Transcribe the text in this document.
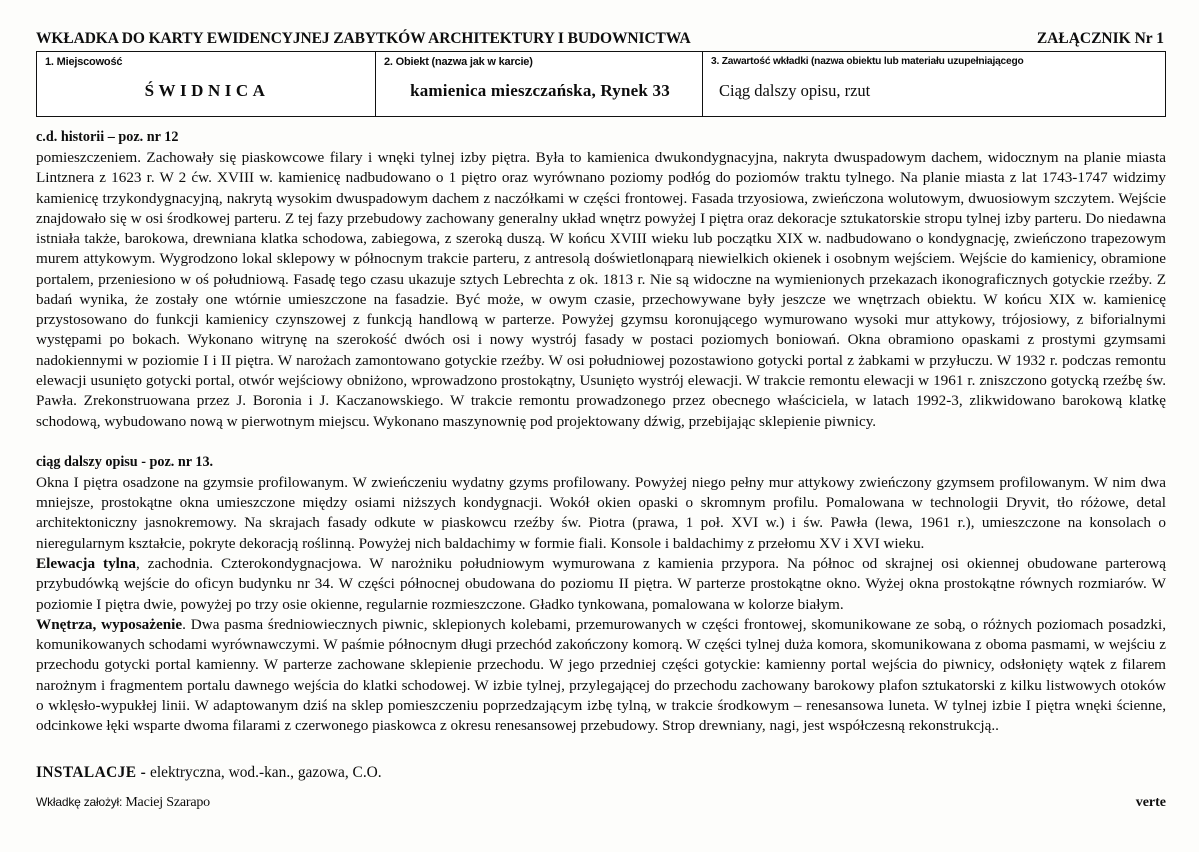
WKŁADKA DO KARTY EWIDENCYJNEJ ZABYTKÓW ARCHITEKTURY I BUDOWNICTWA	ZAŁĄCZNIK Nr 1
1. Miejscowość
ŚWIDNICA
2. Obiekt (nazwa jak w karcie)
kamienica mieszczańska, Rynek 33
3. Zawartość wkładki (nazwa obiektu lub materiału uzupełniającego
Ciąg dalszy opisu, rzut
c.d. historii – poz. nr 12

pomieszczeniem. Zachowały się piaskowcowe filary i wnęki tylnej izby piętra. Była to kamienica dwukondygnacyjna, nakryta dwuspadowym dachem, widocznym na planie miasta Lintznera z 1623 r. W 2 ćw. XVIII w. kamienicę nadbudowano o 1 piętro oraz wyrównano poziomy podłóg do poziomów traktu tylnego. Na planie miasta z lat 1743-1747 widzimy kamienicę trzykondygnacyjną, nakrytą wysokim dwuspadowym dachem z naczółkami w części frontowej. Fasada trzyosiowa, zwieńczona wolutowym, dwuosiowym szczytem. Wejście znajdowało się w osi środkowej parteru. Z tej fazy przebudowy zachowany generalny układ wnętrz powyżej I piętra oraz dekoracje sztukatorskie stropu tylnej izby parteru. Do niedawna istniała także, barokowa, drewniana klatka schodowa, zabiegowa, z szeroką duszą. W końcu XVIII wieku lub początku XIX w. nadbudowano o kondygnację, zwieńczono trapezowym murem attykowym. Wygrodzono lokal sklepowy w północnym trakcie parteru, z antresolą doświetlonąparą niewielkich okienek i osobnym wejściem. Wejście do kamienicy, obramione portalem, przeniesiono w oś południową. Fasadę tego czasu ukazuje sztych Lebrechta z ok. 1813 r. Nie są widoczne na wymienionych przekazach ikonograficznych gotyckie rzeźby. Z badań wynika, że zostały one wtórnie umieszczone na fasadzie. Być może, w owym czasie, przechowywane były jeszcze we wnętrzach obiektu. W końcu XIX w. kamienicę przystosowano do funkcji kamienicy czynszowej z funkcją handlową w parterze. Powyżej gzymsu koronującego wymurowano wysoki mur attykowy, trójosiowy, z biforialnymi występami po bokach. Wykonano witrynę na szerokość dwóch osi i nowy wystrój fasady w postaci poziomych boniowań. Okna obramiono opaskami z prostymi gzymsami nadokiennymi w poziomie I i II piętra. W narożach zamontowano gotyckie rzeźby. W osi południowej pozostawiono gotycki portal z żabkami w przyłuczu. W 1932 r. podczas remontu elewacji usunięto gotycki portal, otwór wejściowy obniżono, wprowadzono prostokątny, Usunięto wystrój elewacji. W trakcie remontu elewacji w 1961 r. zniszczono gotycką rzeźbę św. Pawła. Zrekonstruowana przez J. Boronia i J. Kaczanowskiego. W trakcie remontu prowadzonego przez obecnego właściciela, w latach 1992-3, zlikwidowano barokową klatkę schodową, wybudowano nową w pierwotnym miejscu. Wykonano maszynownię pod projektowany dźwig, przebijając sklepienie piwnicy.

ciąg dalszy opisu - poz. nr 13.

Okna I piętra osadzone na gzymsie profilowanym. W zwieńczeniu wydatny gzyms profilowany. Powyżej niego pełny mur attykowy zwieńczony gzymsem profilowanym. W nim dwa mniejsze, prostokątne okna umieszczone między osiami niższych kondygnacji. Wokół okien opaski o skromnym profilu. Pomalowana w technologii Dryvit, tło różowe, detal architektoniczny jasnokremowy. Na skrajach fasady odkute w piaskowcu rzeźby św. Piotra (prawa, 1 poł. XVI w.) i św. Pawła (lewa, 1961 r.), umieszczone na konsolach o nieregularnym kształcie, pokryte dekoracją roślinną. Powyżej nich baldachimy w formie fiali. Konsole i baldachimy z przełomu XV i XVI wieku.

Elewacja tylna, zachodnia. Czterokondygnacjowa. W narożniku południowym wymurowana z kamienia przypora. Na północ od skrajnej osi okiennej obudowane parterową przybudówką wejście do oficyn budynku nr 34. W części północnej obudowana do poziomu II piętra. W parterze prostokątne okno. Wyżej okna prostokątne równych rozmiarów. W poziomie I piętra dwie, powyżej po trzy osie okienne, regularnie rozmieszczone. Gładko tynkowana, pomalowana w kolorze białym.

Wnętrza, wyposażenie. Dwa pasma średniowiecznych piwnic, sklepionych kolebami, przemurowanych w części frontowej, skomunikowane ze sobą, o różnych poziomach posadzki, komunikowanych schodami wyrównawczymi. W paśmie północnym długi przechód zakończony komorą. W części tylnej duża komora, skomunikowana z oboma pasmami, w wejściu z przechodu gotycki portal kamienny. W parterze zachowane sklepienie przechodu. W jego przedniej części gotyckie: kamienny portal wejścia do piwnicy, odsłonięty wątek z filarem narożnym i fragmentem portalu dawnego wejścia do klatki schodowej. W izbie tylnej, przylegającej do przechodu zachowany barokowy plafon sztukatorski z kilku listwowych otoków o wklęsło-wypukłej linii. W adaptowanym dziś na sklep pomieszczeniu poprzedzającym izbę tylną, w trakcie środkowym – renesansowa luneta. W tylnej izbie I piętra wnęki ścienne, odcinkowe łęki wsparte dwoma filarami z czerwonego piaskowca z okresu renesansowej przebudowy. Strop drewniany, nagi, jest współczesną rekonstrukcją..

INSTALACJE - elektryczna, wod.-kan., gazowa, C.O.
Wkładkę założył: Maciej Szarapo	verte
